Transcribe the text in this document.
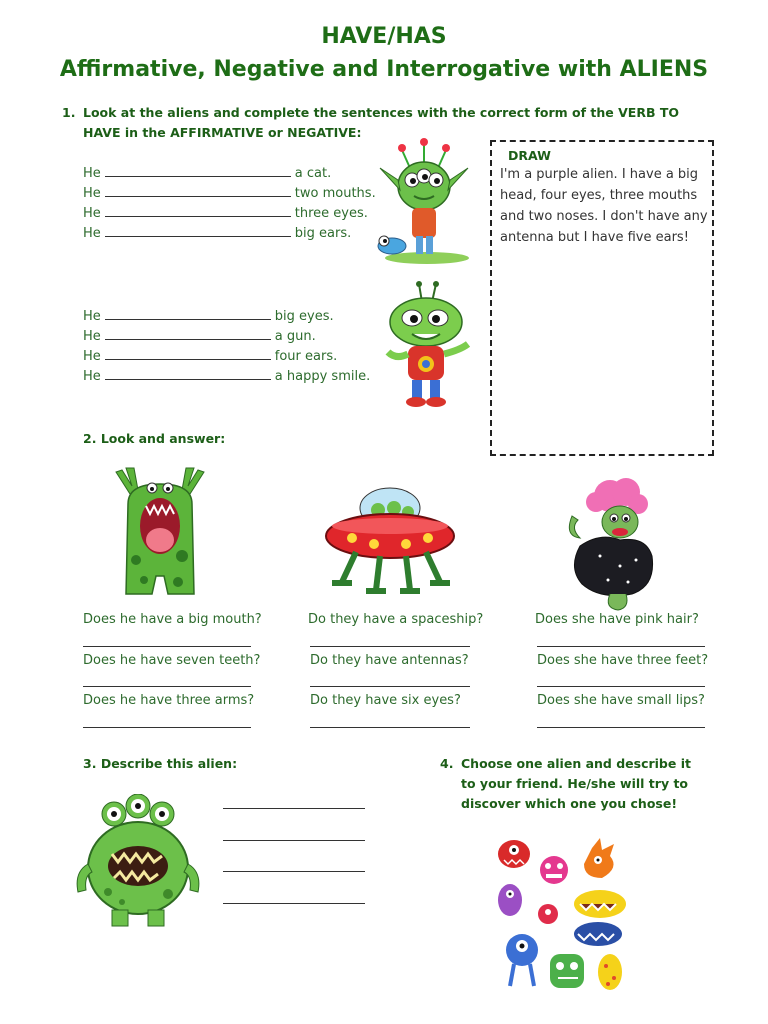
HAVE/HAS
Affirmative, Negative and Interrogative with ALIENS
1. Look at the aliens and complete the sentences with the correct form of the VERB TO
HAVE in the AFFIRMATIVE or NEGATIVE:
He	a cat.
He	two mouths.
He	three eyes.
He	big ears.
He	big eyes.
He	a gun.
He	four ears.
He	a happy smile.
DRAW
I'm a purple alien. I have a big head, four eyes, three mouths and two noses. I don't have any antenna but I have five ears!
2. Look and answer:
Does he have a big mouth?
Does he have seven teeth?
Does he have three arms?
Do they have a spaceship?
Do they have antennas?
Do they have six eyes?
Does she have pink hair?
Does she have three feet?
Does she have small lips?
3. Describe this alien:	4. Choose one alien and describe it
to your friend. He/she will try to
discover which one you chose!
